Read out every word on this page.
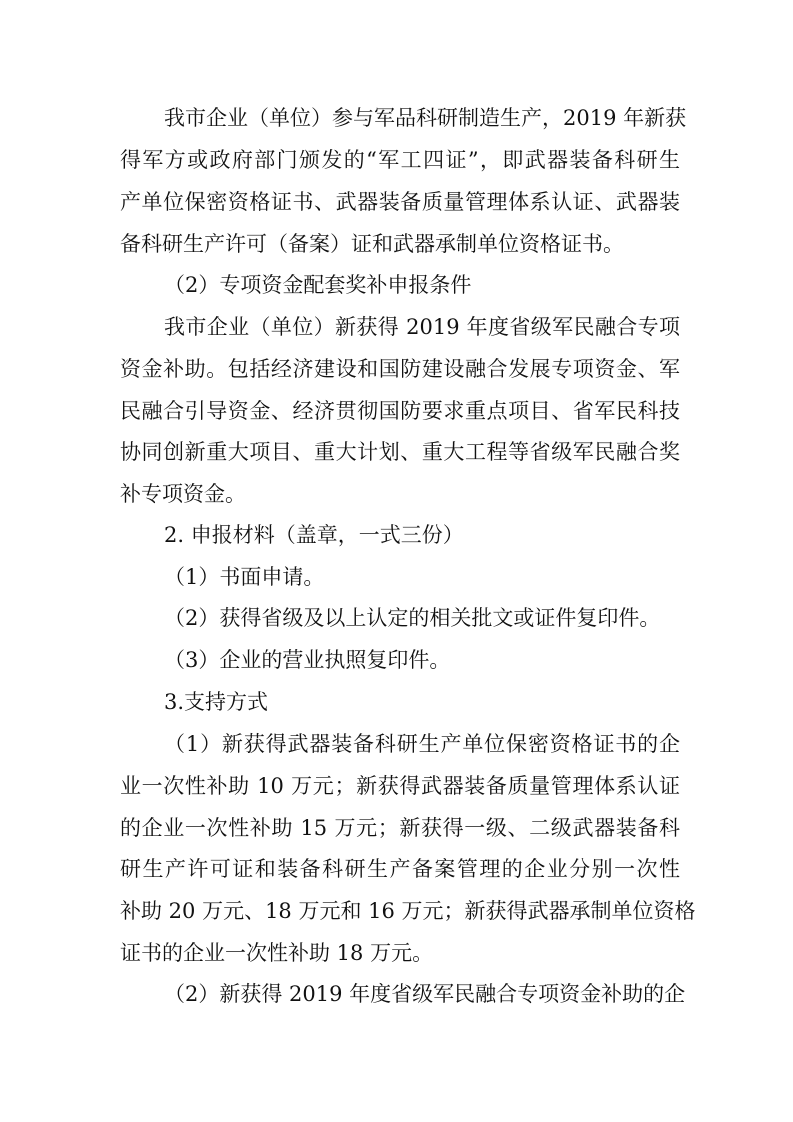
我市企业（单位）参与军品科研制造生产，2019 年新获
得军方或政府部门颁发的“军工四证”，即武器装备科研生
产单位保密资格证书、武器装备质量管理体系认证、武器装
备科研生产许可（备案）证和武器承制单位资格证书。
（2）专项资金配套奖补申报条件
我市企业（单位）新获得 2019 年度省级军民融合专项
资金补助。包括经济建设和国防建设融合发展专项资金、军
民融合引导资金、经济贯彻国防要求重点项目、省军民科技
协同创新重大项目、重大计划、重大工程等省级军民融合奖
补专项资金。
2. 申报材料（盖章，一式三份）
（1）书面申请。
（2）获得省级及以上认定的相关批文或证件复印件。
（3）企业的营业执照复印件。
3.支持方式
（1）新获得武器装备科研生产单位保密资格证书的企
业一次性补助 10 万元；新获得武器装备质量管理体系认证
的企业一次性补助 15 万元；新获得一级、二级武器装备科
研生产许可证和装备科研生产备案管理的企业分别一次性
补助 20 万元、18 万元和 16 万元；新获得武器承制单位资格
证书的企业一次性补助 18 万元。
（2）新获得 2019 年度省级军民融合专项资金补助的企
